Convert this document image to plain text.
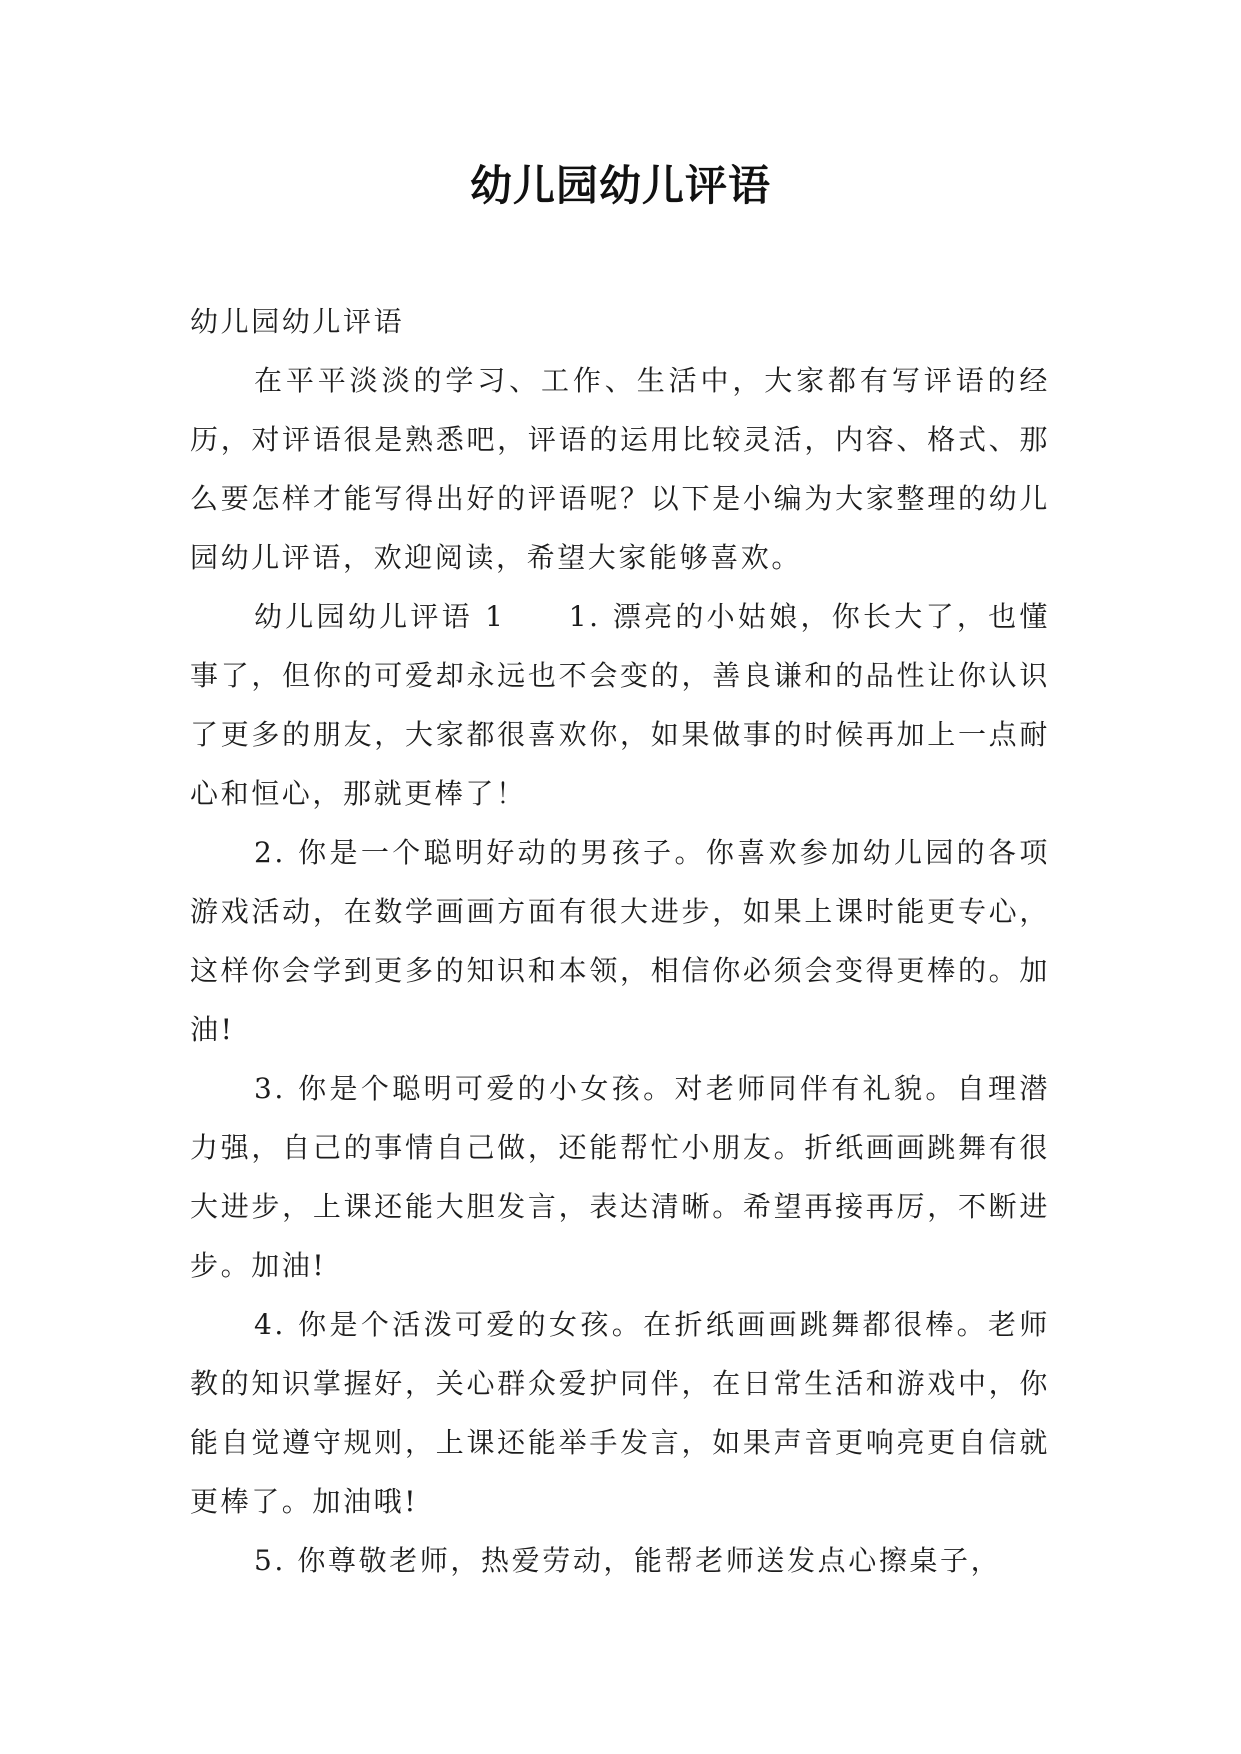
幼儿园幼儿评语

幼儿园幼儿评语

在平平淡淡的学习、工作、生活中，大家都有写评语的经历，对评语很是熟悉吧，评语的运用比较灵活，内容、格式、那么要怎样才能写得出好的评语呢？以下是小编为大家整理的幼儿园幼儿评语，欢迎阅读，希望大家能够喜欢。

幼儿园幼儿评语 1　　1. 漂亮的小姑娘，你长大了，也懂事了，但你的可爱却永远也不会变的，善良谦和的品性让你认识了更多的朋友，大家都很喜欢你，如果做事的时候再加上一点耐心和恒心，那就更棒了！

2. 你是一个聪明好动的男孩子。你喜欢参加幼儿园的各项游戏活动，在数学画画方面有很大进步，如果上课时能更专心，这样你会学到更多的知识和本领，相信你必须会变得更棒的。加油!

3. 你是个聪明可爱的小女孩。对老师同伴有礼貌。自理潜力强，自己的事情自己做，还能帮忙小朋友。折纸画画跳舞有很大进步，上课还能大胆发言，表达清晰。希望再接再厉，不断进步。加油!

4. 你是个活泼可爱的女孩。在折纸画画跳舞都很棒。老师教的知识掌握好，关心群众爱护同伴，在日常生活和游戏中，你能自觉遵守规则，上课还能举手发言，如果声音更响亮更自信就更棒了。加油哦!

5. 你尊敬老师，热爱劳动，能帮老师送发点心擦桌子，
